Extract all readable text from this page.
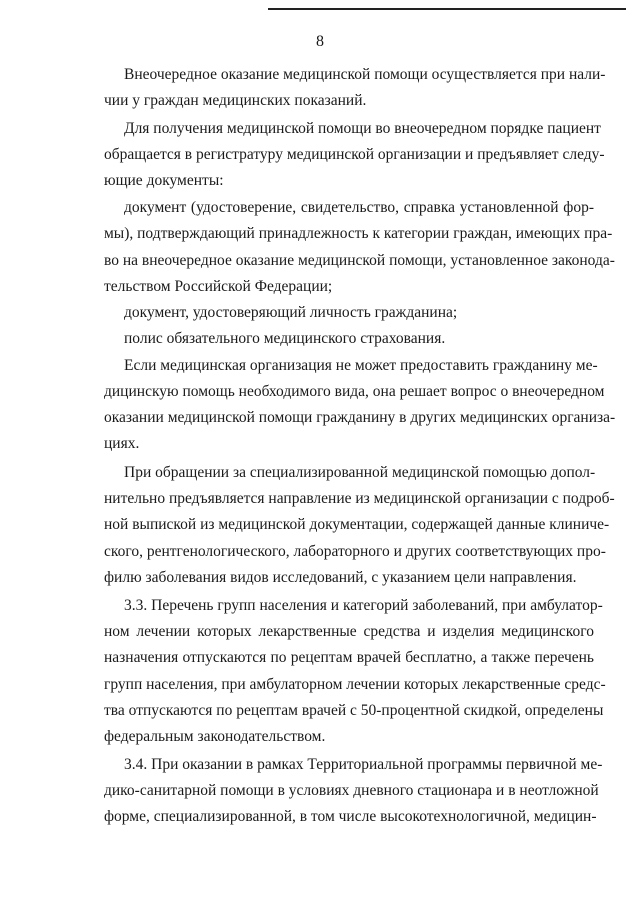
8
Внеочередное оказание медицинской помощи осуществляется при нали-
чии у граждан медицинских показаний.
Для получения медицинской помощи во внеочередном порядке пациент
обращается в регистратуру медицинской организации и предъявляет следу-
ющие документы:
документ (удостоверение, свидетельство, справка установленной фор-
мы), подтверждающий принадлежность к категории граждан, имеющих пра-
во на внеочередное оказание медицинской помощи, установленное законода-
тельством Российской Федерации;
документ, удостоверяющий личность гражданина;
полис обязательного медицинского страхования.
Если медицинская организация не может предоставить гражданину ме-
дицинскую помощь необходимого вида, она решает вопрос о внеочередном
оказании медицинской помощи гражданину в других медицинских организа-
циях.
При обращении за специализированной медицинской помощью допол-
нительно предъявляется направление из медицинской организации с подроб-
ной выпиской из медицинской документации, содержащей данные клиниче-
ского, рентгенологического, лабораторного и других соответствующих про-
филю заболевания видов исследований, с указанием цели направления.
3.3. Перечень групп населения и категорий заболеваний, при амбулатор-
ном лечении которых лекарственные средства и изделия медицинского
назначения отпускаются по рецептам врачей бесплатно, а также перечень
групп населения, при амбулаторном лечении которых лекарственные средс-
тва отпускаются по рецептам врачей с 50-процентной скидкой, определены
федеральным законодательством.
3.4. При оказании в рамках Территориальной программы первичной ме-
дико-санитарной помощи в условиях дневного стационара и в неотложной
форме, специализированной, в том числе высокотехнологичной, медицин-
